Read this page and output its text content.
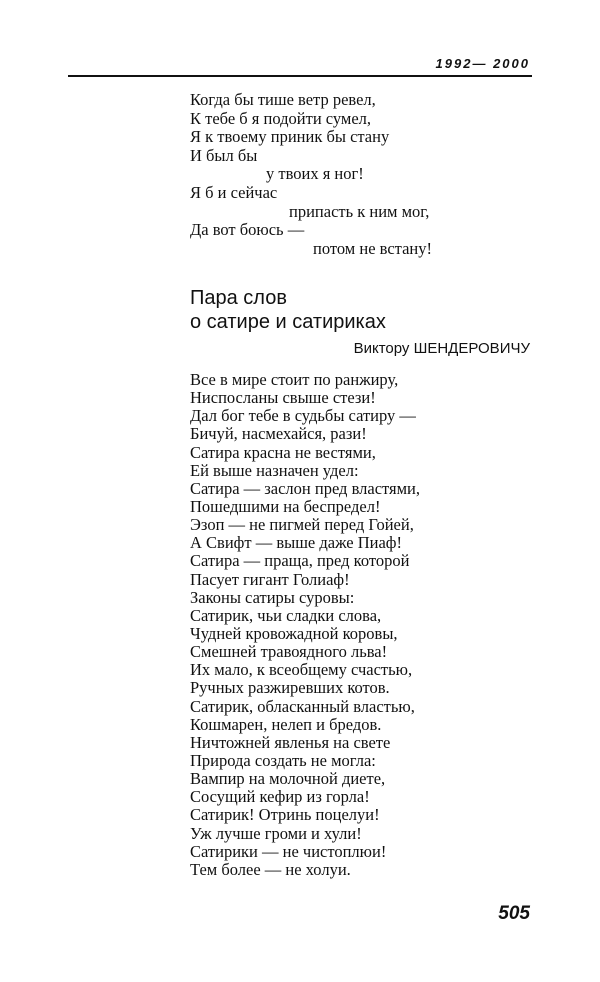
1992— 2000
Когда бы тише ветр ревел,
К тебе б я подойти сумел,
Я к твоему приник бы стану
И был бы
у твоих я ног!
Я б и сейчас
припасть к ним мог,
Да вот боюсь —
потом не встану!
Пара слов
о сатире и сатириках
Виктору ШЕНДЕРОВИЧУ
Все в мире стоит по ранжиру,
Ниспосланы свыше стези!
Дал бог тебе в судьбы сатиру —
Бичуй, насмехайся, рази!
Сатира красна не вестями,
Ей выше назначен удел:
Сатира — заслон пред властями,
Пошедшими на беспредел!
Эзоп — не пигмей перед Гойей,
А Свифт — выше даже Пиаф!
Сатира — праща, пред которой
Пасует гигант Голиаф!
Законы сатиры суровы:
Сатирик, чьи сладки слова,
Чудней кровожадной коровы,
Смешней травоядного льва!
Их мало, к всеобщему счастью,
Ручных разжиревших котов.
Сатирик, обласканный властью,
Кошмарен, нелеп и бредов.
Ничтожней явленья на свете
Природа создать не могла:
Вампир на молочной диете,
Сосущий кефир из горла!
Сатирик! Отринь поцелуи!
Уж лучше громи и хули!
Сатирики — не чистоплюи!
Тем более — не холуи.
505
